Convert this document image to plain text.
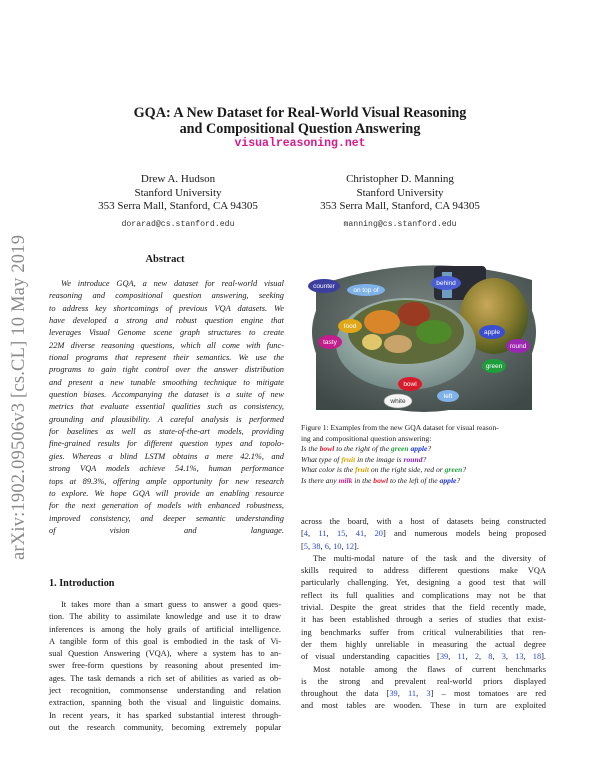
GQA: A New Dataset for Real-World Visual Reasoning
and Compositional Question Answering
visualreasoning.net
Drew A. Hudson
Stanford University
353 Serra Mall, Stanford, CA 94305
dorarad@cs.stanford.edu
Christopher D. Manning
Stanford University
353 Serra Mall, Stanford, CA 94305
manning@cs.stanford.edu
arXiv:1902.09506v3 [cs.CL] 10 May 2019	Abstract
We introduce GQA, a new dataset for real-world visual
reasoning and compositional question answering, seeking
to address key shortcomings of previous VQA datasets. We
have developed a strong and robust question engine that
leverages Visual Genome scene graph structures to create
22M diverse reasoning questions, which all come with func-
tional programs that represent their semantics. We use the
programs to gain tight control over the answer distribution
and present a new tunable smoothing technique to mitigate
question biases. Accompanying the dataset is a suite of new
metrics that evaluate essential qualities such as consistency,
grounding and plausibility. A careful analysis is performed
for baselines as well as state-of-the-art models, providing
fine-grained results for different question types and topolo-
gies. Whereas a blind LSTM obtains a mere 42.1%, and
strong VQA models achieve 54.1%, human performance
tops at 89.3%, offering ample opportunity for new research
to explore. We hope GQA will provide an enabling resource
for the next generation of models with enhanced robustness,
improved consistency, and deeper semantic understanding
of vision and language.
1. Introduction
It takes more than a smart guess to answer a good ques-
tion. The ability to assimilate knowledge and use it to draw
inferences is among the holy grails of artificial intelligence.
A tangible form of this goal is embodied in the task of Vi-
sual Question Answering (VQA), where a system has to an-
swer free-form questions by reasoning about presented im-
ages. The task demands a rich set of abilities as varied as ob-
ject recognition, commonsense understanding and relation
extraction, spanning both the visual and linguistic domains.
In recent years, it has sparked substantial interest through-
out the research community, becoming extremely popular
counter
on top of
behind
food
tasty
apple
round
green
bowl
white
left
Figure 1: Examples from the new GQA dataset for visual reason-
ing and compositional question answering:
Is the bowl to the right of the green apple?
What type of fruit in the image is round?
What color is the fruit on the right side, red or green?
Is there any milk in the bowl to the left of the apple?
across the board, with a host of datasets being constructed
[4, 11, 15, 41, 20] and numerous models being proposed
[5, 38, 6, 10, 12].
The multi-modal nature of the task and the diversity of
skills required to address different questions make VQA
particularly challenging. Yet, designing a good test that will
reflect its full qualities and complications may not be that
trivial. Despite the great strides that the field recently made,
it has been established through a series of studies that exist-
ing benchmarks suffer from critical vulnerabilities that ren-
der them highly unreliable in measuring the actual degree
of visual understanding capacities [39, 11, 2, 8, 3, 13, 18].
Most notable among the flaws of current benchmarks
is the strong and prevalent real-world priors displayed
throughout the data [39, 11, 3] – most tomatoes are red
and most tables are wooden. These in turn are exploited
